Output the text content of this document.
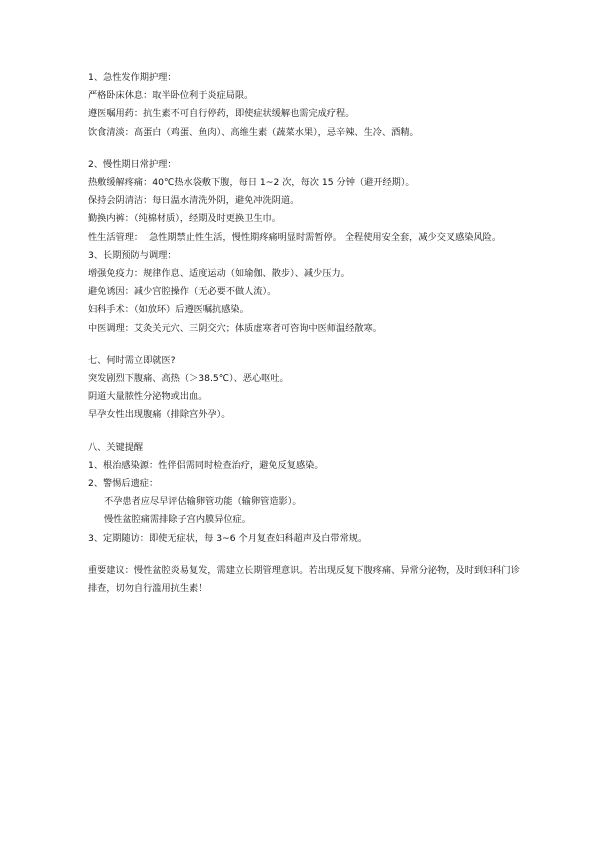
1、急性发作期护理：
严格卧床休息：取半卧位利于炎症局限。
遵医嘱用药：抗生素不可自行停药，即使症状缓解也需完成疗程。
饮食清淡：高蛋白（鸡蛋、鱼肉）、高维生素（蔬菜水果），忌辛辣、生冷、酒精。
2、慢性期日常护理：
热敷缓解疼痛：40℃热水袋敷下腹，每日 1~2 次，每次 15 分钟（避开经期）。
保持会阴清洁：每日温水清洗外阴，避免冲洗阴道。
勤换内裤：（纯棉材质），经期及时更换卫生巾。
性生活管理：  急性期禁止性生活，慢性期疼痛明显时需暂停。 全程使用安全套，减少交叉感染风险。
3、长期预防与调理：
增强免疫力：规律作息、适度运动（如瑜伽、散步）、减少压力。
避免诱因：减少宫腔操作（无必要不做人流）。
妇科手术：（如放环）后遵医嘱抗感染。
中医调理：艾灸关元穴、三阴交穴；体质虚寒者可咨询中医师温经散寒。
七、何时需立即就医?
突发剧烈下腹痛、高热（＞38.5℃）、恶心呕吐。
阴道大量脓性分泌物或出血。
早孕女性出现腹痛（排除宫外孕）。
八、关键提醒
1、根治感染源：性伴侣需同时检查治疗，避免反复感染。
2、警惕后遗症：
不孕患者应尽早评估输卵管功能（输卵管造影）。
慢性盆腔痛需排除子宫内膜异位症。
3、定期随访：即使无症状，每 3~6 个月复查妇科超声及白带常规。
重要建议：慢性盆腔炎易复发，需建立长期管理意识。若出现反复下腹疼痛、异常分泌物，及时到妇科门诊排查，切勿自行滥用抗生素！
